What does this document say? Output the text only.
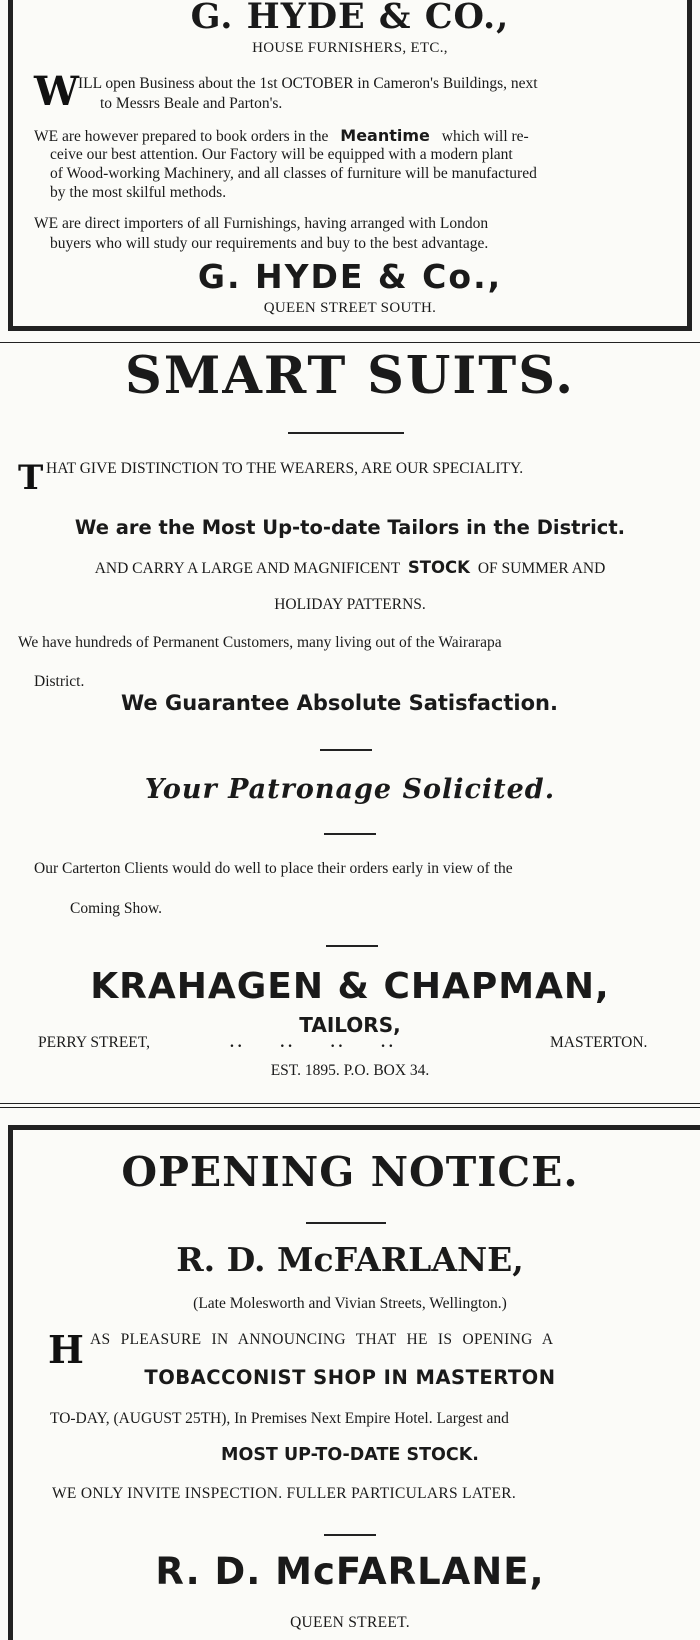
G. HYDE & CO.,
HOUSE FURNISHERS, ETC.,
W ILL open Business about the 1st OCTOBER in Cameron's Buildings, next
to Messrs Beale and Parton's.
WE are however prepared to book orders in the Meantime which will re-
ceive our best attention. Our Factory will be equipped with a modern plant
of Wood-working Machinery, and all classes of furniture will be manufactured
by the most skilful methods.
WE are direct importers of all Furnishings, having arranged with London
buyers who will study our requirements and buy to the best advantage.
G. HYDE & Co.,
QUEEN STREET SOUTH.
SMART SUITS.
T HAT GIVE DISTINCTION TO THE WEARERS, ARE OUR SPECIALITY.
We are the Most Up-to-date Tailors in the District.
AND CARRY A LARGE AND MAGNIFICENT STOCK OF SUMMER AND
HOLIDAY PATTERNS.
We have hundreds of Permanent Customers, many living out of the Wairarapa
District.
We Guarantee Absolute Satisfaction.
Your Patronage Solicited.
Our Carterton Clients would do well to place their orders early in view of the
Coming Show.
KRAHAGEN & CHAPMAN,
TAILORS,
PERRY STREET,	. .          . .          . .          . .	MASTERTON.
EST. 1895. P.O. BOX 34.
OPENING NOTICE.
R. D. McFARLANE,
(Late Molesworth and Vivian Streets, Wellington.)
H AS PLEASURE IN ANNOUNCING THAT HE IS OPENING A
TOBACCONIST SHOP IN MASTERTON
TO-DAY, (AUGUST 25TH), In Premises Next Empire Hotel. Largest and
MOST UP-TO-DATE STOCK.
WE ONLY INVITE INSPECTION. FULLER PARTICULARS LATER.
R. D. McFARLANE,
QUEEN STREET.
